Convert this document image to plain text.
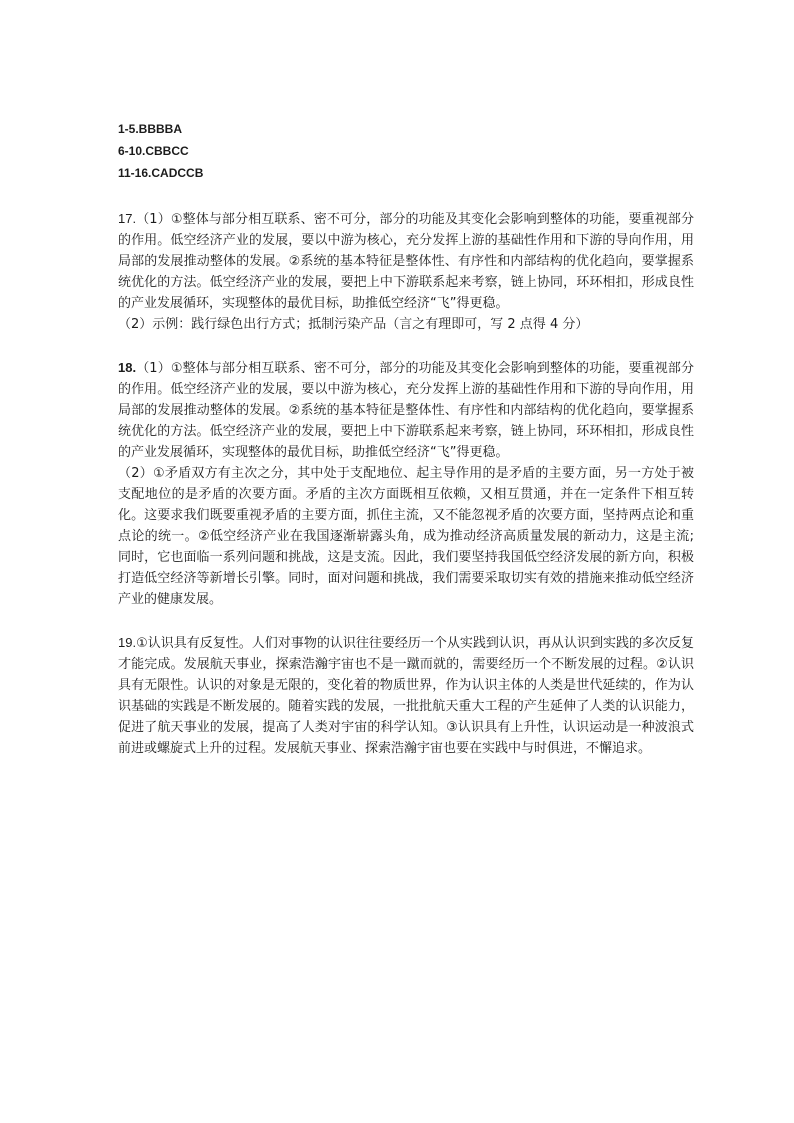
1-5.BBBBA
6-10.CBBCC
11-16.CADCCB

17.（1）①整体与部分相互联系、密不可分，部分的功能及其变化会影响到整体的功能，要重视部分的作用。低空经济产业的发展，要以中游为核心，充分发挥上游的基础性作用和下游的导向作用，用局部的发展推动整体的发展。②系统的基本特征是整体性、有序性和内部结构的优化趋向，要掌握系统优化的方法。低空经济产业的发展，要把上中下游联系起来考察，链上协同，环环相扣，形成良性的产业发展循环，实现整体的最优目标，助推低空经济“飞”得更稳。

（2）示例：践行绿色出行方式；抵制污染产品（言之有理即可，写 2 点得 4 分）

18.（1）①整体与部分相互联系、密不可分，部分的功能及其变化会影响到整体的功能，要重视部分的作用。低空经济产业的发展，要以中游为核心，充分发挥上游的基础性作用和下游的导向作用，用局部的发展推动整体的发展。②系统的基本特征是整体性、有序性和内部结构的优化趋向，要掌握系统优化的方法。低空经济产业的发展，要把上中下游联系起来考察，链上协同，环环相扣，形成良性的产业发展循环，实现整体的最优目标，助推低空经济“飞”得更稳。

（2）①矛盾双方有主次之分，其中处于支配地位、起主导作用的是矛盾的主要方面，另一方处于被支配地位的是矛盾的次要方面。矛盾的主次方面既相互依赖，又相互贯通，并在一定条件下相互转化。这要求我们既要重视矛盾的主要方面，抓住主流，又不能忽视矛盾的次要方面，坚持两点论和重点论的统一。②低空经济产业在我国逐渐崭露头角，成为推动经济高质量发展的新动力，这是主流; 同时，它也面临一系列问题和挑战，这是支流。因此，我们要坚持我国低空经济发展的新方向，积极打造低空经济等新增长引擎。同时，面对问题和挑战，我们需要采取切实有效的措施来推动低空经济产业的健康发展。

19.①认识具有反复性。人们对事物的认识往往要经历一个从实践到认识，再从认识到实践的多次反复才能完成。发展航天事业，探索浩瀚宇宙也不是一蹴而就的，需要经历一个不断发展的过程。②认识具有无限性。认识的对象是无限的，变化着的物质世界，作为认识主体的人类是世代延续的，作为认识基础的实践是不断发展的。随着实践的发展，一批批航天重大工程的产生延伸了人类的认识能力，促进了航天事业的发展，提高了人类对宇宙的科学认知。③认识具有上升性，认识运动是一种波浪式前进或螺旋式上升的过程。发展航天事业、探索浩瀚宇宙也要在实践中与时俱进，不懈追求。
